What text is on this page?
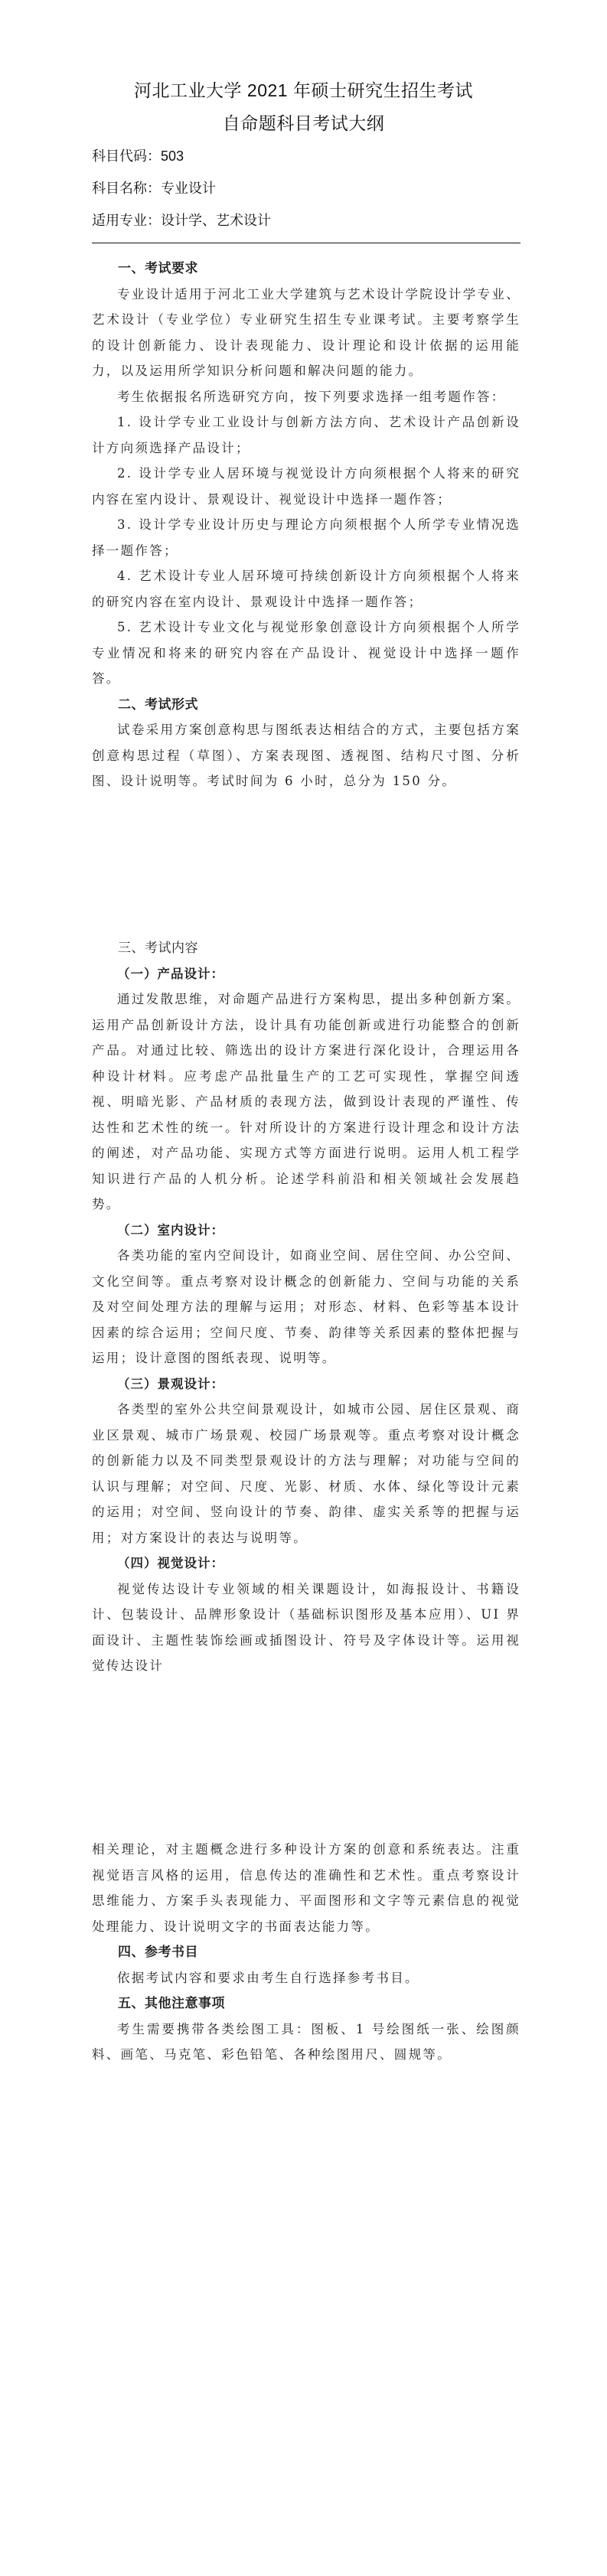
河北工业大学 2021 年硕士研究生招生考试
自命题科目考试大纲
科目代码：503
科目名称：专业设计
适用专业：设计学、艺术设计

一、考试要求

专业设计适用于河北工业大学建筑与艺术设计学院设计学专业、艺术设计（专业学位）专业研究生招生专业课考试。主要考察学生的设计创新能力、设计表现能力、设计理论和设计依据的运用能力，以及运用所学知识分析问题和解决问题的能力。

考生依据报名所选研究方向，按下列要求选择一组考题作答：

1. 设计学专业工业设计与创新方法方向、艺术设计产品创新设计方向须选择产品设计；

2. 设计学专业人居环境与视觉设计方向须根据个人将来的研究内容在室内设计、景观设计、视觉设计中选择一题作答；

3. 设计学专业设计历史与理论方向须根据个人所学专业情况选择一题作答；

4. 艺术设计专业人居环境可持续创新设计方向须根据个人将来的研究内容在室内设计、景观设计中选择一题作答；

5. 艺术设计专业文化与视觉形象创意设计方向须根据个人所学专业情况和将来的研究内容在产品设计、视觉设计中选择一题作答。

二、考试形式

试卷采用方案创意构思与图纸表达相结合的方式，主要包括方案创意构思过程（草图）、方案表现图、透视图、结构尺寸图、分析图、设计说明等。考试时间为 6 小时，总分为 150 分。

三、考试内容

（一）产品设计：

通过发散思维，对命题产品进行方案构思，提出多种创新方案。运用产品创新设计方法，设计具有功能创新或进行功能整合的创新产品。对通过比较、筛选出的设计方案进行深化设计，合理运用各种设计材料。应考虑产品批量生产的工艺可实现性，掌握空间透视、明暗光影、产品材质的表现方法，做到设计表现的严谨性、传达性和艺术性的统一。针对所设计的方案进行设计理念和设计方法的阐述，对产品功能、实现方式等方面进行说明。运用人机工程学知识进行产品的人机分析。论述学科前沿和相关领域社会发展趋势。

（二）室内设计：

各类功能的室内空间设计，如商业空间、居住空间、办公空间、文化空间等。重点考察对设计概念的创新能力、空间与功能的关系及对空间处理方法的理解与运用；对形态、材料、色彩等基本设计因素的综合运用；空间尺度、节奏、韵律等关系因素的整体把握与运用；设计意图的图纸表现、说明等。

（三）景观设计：

各类型的室外公共空间景观设计，如城市公园、居住区景观、商业区景观、城市广场景观、校园广场景观等。重点考察对设计概念的创新能力以及不同类型景观设计的方法与理解；对功能与空间的认识与理解；对空间、尺度、光影、材质、水体、绿化等设计元素的运用；对空间、竖向设计的节奏、韵律、虚实关系等的把握与运用；对方案设计的表达与说明等。

（四）视觉设计：

视觉传达设计专业领域的相关课题设计，如海报设计、书籍设计、包装设计、品牌形象设计（基础标识图形及基本应用）、UI 界面设计、主题性装饰绘画或插图设计、符号及字体设计等。运用视觉传达设计

相关理论，对主题概念进行多种设计方案的创意和系统表达。注重视觉语言风格的运用，信息传达的准确性和艺术性。重点考察设计思维能力、方案手头表现能力、平面图形和文字等元素信息的视觉处理能力、设计说明文字的书面表达能力等。

四、参考书目

依据考试内容和要求由考生自行选择参考书目。

五、其他注意事项

考生需要携带各类绘图工具：图板、1 号绘图纸一张、绘图颜料、画笔、马克笔、彩色铅笔、各种绘图用尺、圆规等。
